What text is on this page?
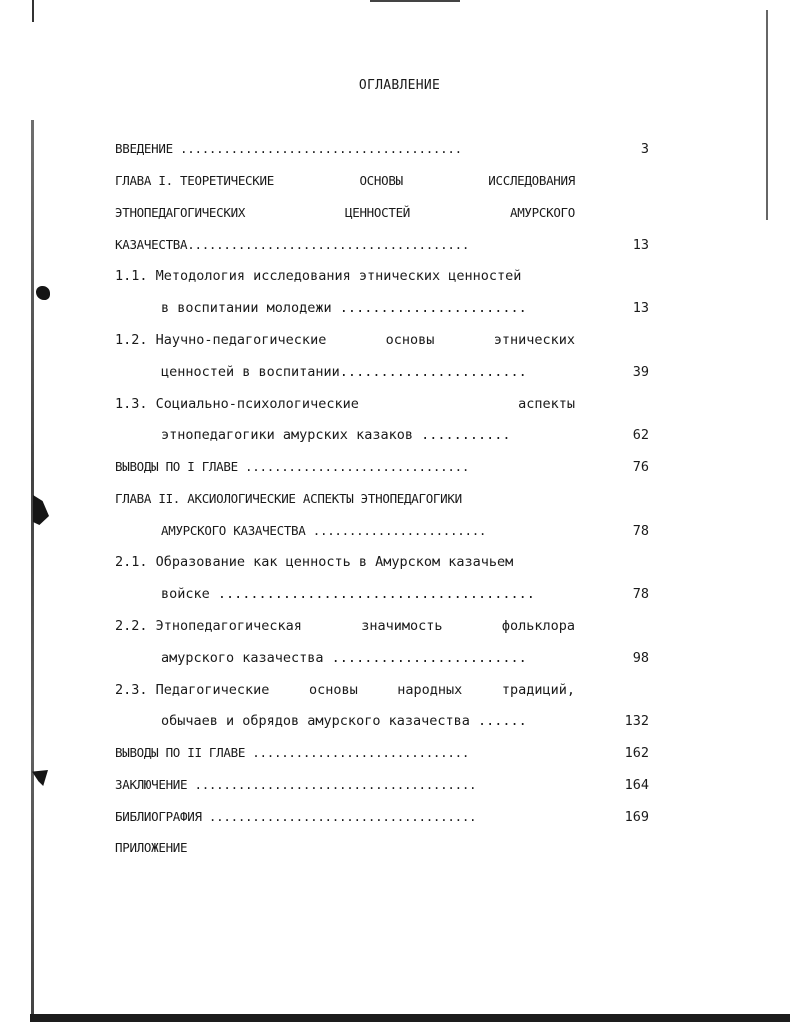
ОГЛАВЛЕНИЕ
ВВЕДЕНИЕ .......................................	3
ГЛАВА I. ТЕОРЕТИЧЕСКИЕ	ОСНОВЫ	ИССЛЕДОВАНИЯ
ЭТНОПЕДАГОГИЧЕСКИХ	ЦЕННОСТЕЙ	АМУРСКОГО
КАЗАЧЕСТВА.......................................	13
1.1. Методология исследования этнических ценностей
в воспитании молодежи .......................	13
1.2. Научно-педагогические	основы	этнических
ценностей в воспитании.......................	39
1.3. Социально-психологические	аспекты
этнопедагогики амурских казаков ...........	62
ВЫВОДЫ ПО I ГЛАВЕ ...............................	76
ГЛАВА II. АКСИОЛОГИЧЕСКИЕ АСПЕКТЫ ЭТНОПЕДАГОГИКИ
АМУРСКОГО КАЗАЧЕСТВА ........................	78
2.1. Образование как ценность в Амурском казачьем
войске .......................................	78
2.2. Этнопедагогическая	значимость	фольклора
амурского казачества ........................	98
2.3. Педагогические	основы	народных	традиций,
обычаев и обрядов амурского казачества ......	132
ВЫВОДЫ ПО II ГЛАВЕ ..............................	162
ЗАКЛЮЧЕНИЕ .......................................	164
БИБЛИОГРАФИЯ .....................................	169
ПРИЛОЖЕНИЕ
